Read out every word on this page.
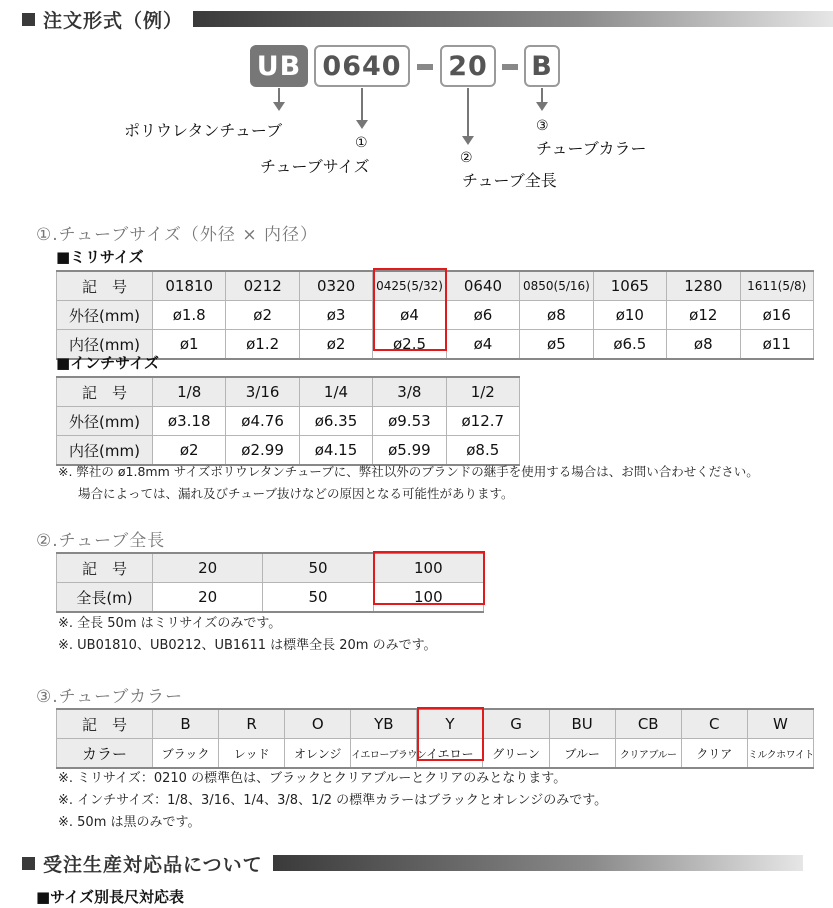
注文形式（例）
UB 0640	20	B
ポリウレタンチューブ
①
チューブサイズ	②
チューブ全長
③
チューブカラー
①.チューブサイズ（外径 × 内径）
■ミリサイズ
記　号	01810	0212	0320	0425(5/32)	0640	0850(5/16)	1065	1280	1611(5/8)
外径(mm)	ø1.8	ø2	ø3	ø4	ø6	ø8	ø10	ø12	ø16
内径(mm)	ø1	ø1.2	ø2	ø2.5	ø4	ø5	ø6.5	ø8	ø11
■インチサイズ
記　号	1/8	3/16	1/4	3/8	1/2
外径(mm)	ø3.18	ø4.76	ø6.35	ø9.53	ø12.7
内径(mm)	ø2	ø2.99	ø4.15	ø5.99	ø8.5
※. 弊社の ø1.8mm サイズポリウレタンチューブに、弊社以外のブランドの継手を使用する場合は、お問い合わせください。
場合によっては、漏れ及びチューブ抜けなどの原因となる可能性があります。
②.チューブ全長
記　号	20	50	100
全長(m)	20	50	100
※. 全長 50m はミリサイズのみです。
※. UB01810、UB0212、UB1611 は標準全長 20m のみです。
③.チューブカラー
記　号	B	R	O	YB	Y	G	BU	CB	C	W
カラー	ブラック	レッド	オレンジ	イエローブラウン	イエロー	グリーン	ブルー	クリアブルー	クリア	ミルクホワイト
※. ミリサイズ：0210 の標準色は、ブラックとクリアブルーとクリアのみとなります。
※. インチサイズ：1/8、3/16、1/4、3/8、1/2 の標準カラーはブラックとオレンジのみです。
※. 50m は黒のみです。
受注生産対応品について
■サイズ別長尺対応表
